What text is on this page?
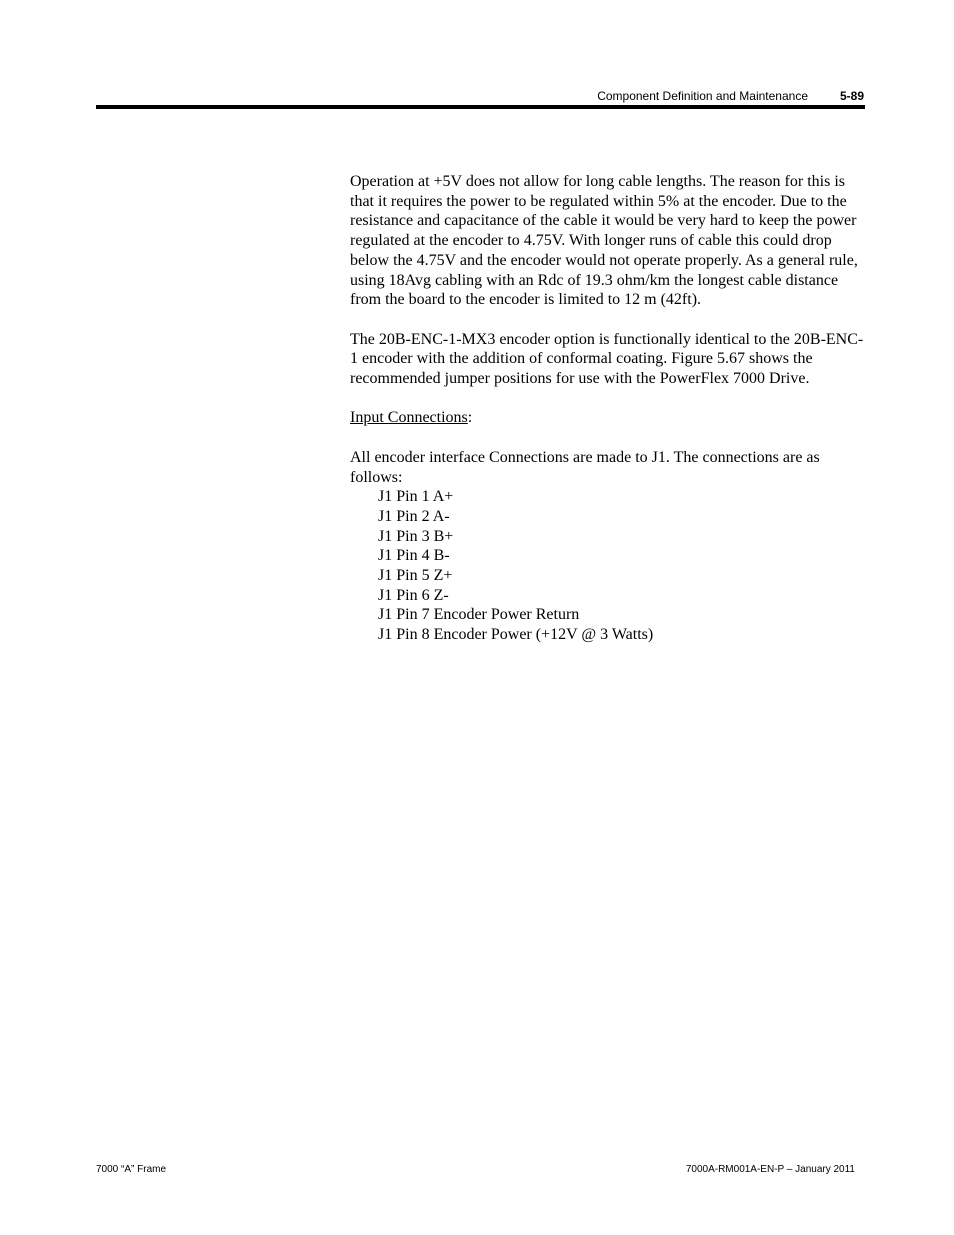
Component Definition and Maintenance	5-89

Operation at +5V does not allow for long cable lengths. The reason for this is that it requires the power to be regulated within 5% at the encoder. Due to the resistance and capacitance of the cable it would be very hard to keep the power regulated at the encoder to 4.75V. With longer runs of cable this could drop below the 4.75V and the encoder would not operate properly. As a general rule, using 18Avg cabling with an Rdc of 19.3 ohm/km the longest cable distance from the board to the encoder is limited to 12 m (42ft).

The 20B-ENC-1-MX3 encoder option is functionally identical to the 20B-ENC-1 encoder with the addition of conformal coating. Figure 5.67 shows the recommended jumper positions for use with the PowerFlex 7000 Drive.

Input Connections:

All encoder interface Connections are made to J1. The connections are as follows:

J1 Pin 1 A+
J1 Pin 2 A-
J1 Pin 3 B+
J1 Pin 4 B-
J1 Pin 5 Z+
J1 Pin 6 Z-
J1 Pin 7 Encoder Power Return
J1 Pin 8 Encoder Power (+12V @ 3 Watts)
7000 “A” Frame	7000A-RM001A-EN-P – January 2011
